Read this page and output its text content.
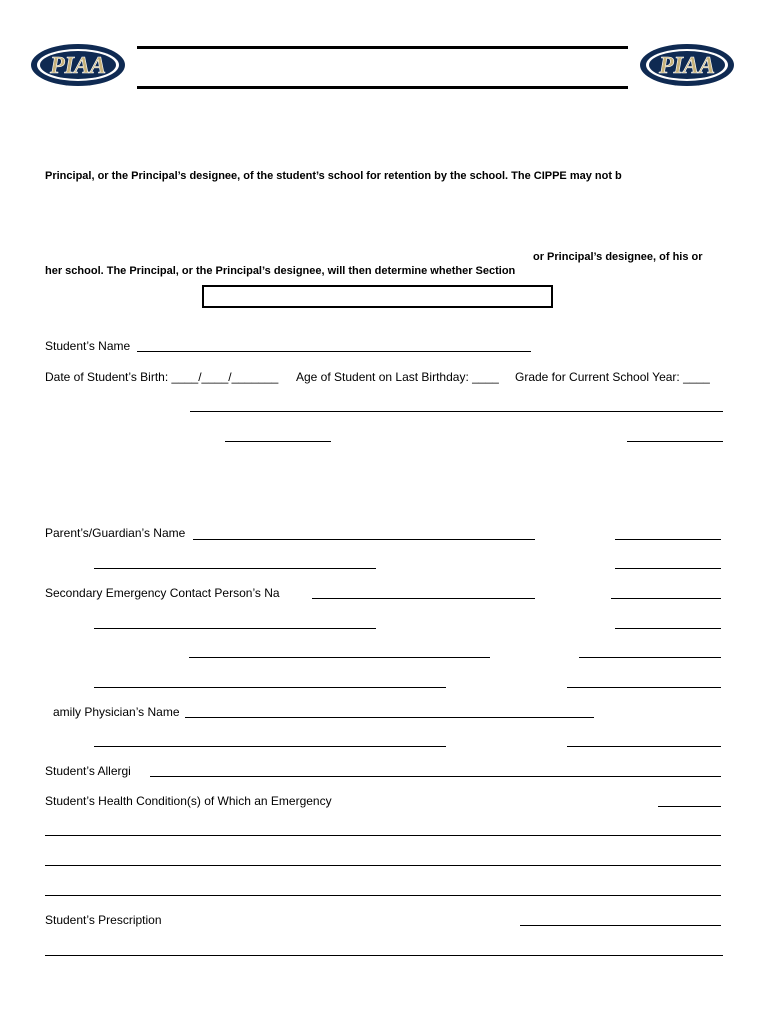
PIAA	PIAA
Principal, or the Principal’s designee, of the student’s school for retention by the school. The CIPPE may not b
or Principal’s designee, of his or
her school. The Principal, or the Principal’s designee, will then determine whether Section
Student’s Name
Date of Student’s Birth: ____/____/_______ Age of Student on Last Birthday: ____ Grade for Current School Year: ____
Parent’s/Guardian’s Name
Secondary Emergency Contact Person’s Na
amily Physician’s Name
Student’s Allergi
Student’s Health Condition(s) of Which an Emergency
Student’s Prescription
